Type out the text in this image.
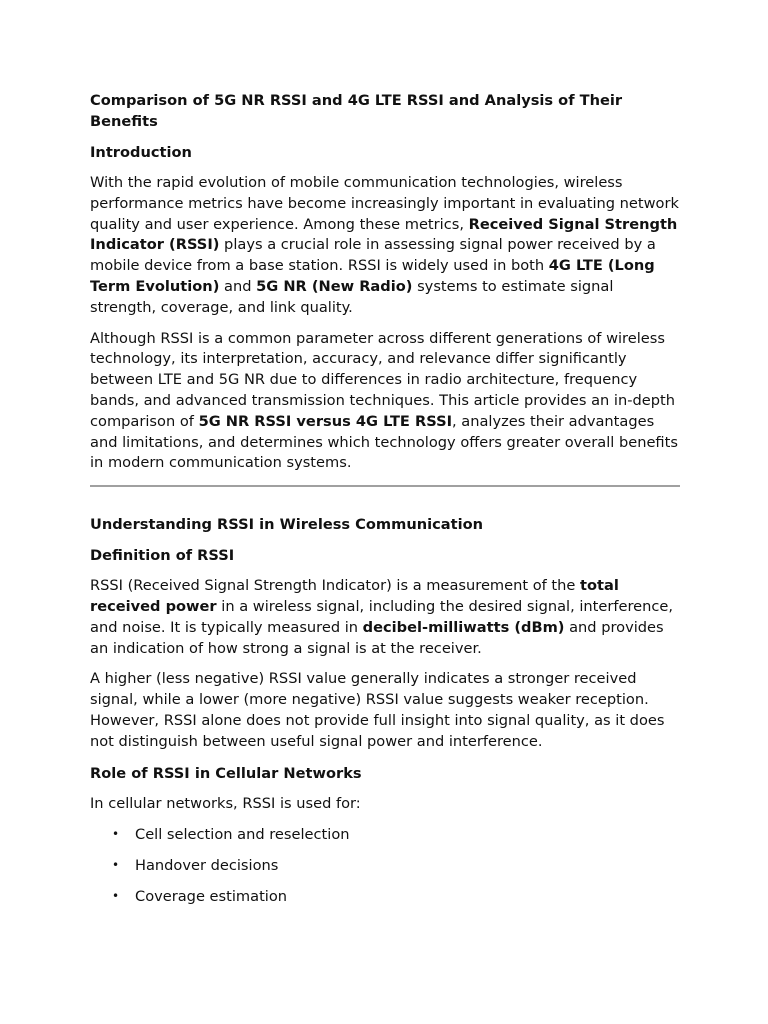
Comparison of 5G NR RSSI and 4G LTE RSSI and Analysis of Their Benefits
Introduction

With the rapid evolution of mobile communication technologies, wireless performance metrics have become increasingly important in evaluating network quality and user experience. Among these metrics, Received Signal Strength Indicator (RSSI) plays a crucial role in assessing signal power received by a mobile device from a base station. RSSI is widely used in both 4G LTE (Long Term Evolution) and 5G NR (New Radio) systems to estimate signal strength, coverage, and link quality.

Although RSSI is a common parameter across different generations of wireless technology, its interpretation, accuracy, and relevance differ significantly between LTE and 5G NR due to differences in radio architecture, frequency bands, and advanced transmission techniques. This article provides an in-depth comparison of 5G NR RSSI versus 4G LTE RSSI, analyzes their advantages and limitations, and determines which technology offers greater overall benefits in modern communication systems.

Understanding RSSI in Wireless Communication
Definition of RSSI

RSSI (Received Signal Strength Indicator) is a measurement of the total received power in a wireless signal, including the desired signal, interference, and noise. It is typically measured in decibel-milliwatts (dBm) and provides an indication of how strong a signal is at the receiver.

A higher (less negative) RSSI value generally indicates a stronger received signal, while a lower (more negative) RSSI value suggests weaker reception. However, RSSI alone does not provide full insight into signal quality, as it does not distinguish between useful signal power and interference.

Role of RSSI in Cellular Networks

In cellular networks, RSSI is used for:

• Cell selection and reselection
• Handover decisions
• Coverage estimation
